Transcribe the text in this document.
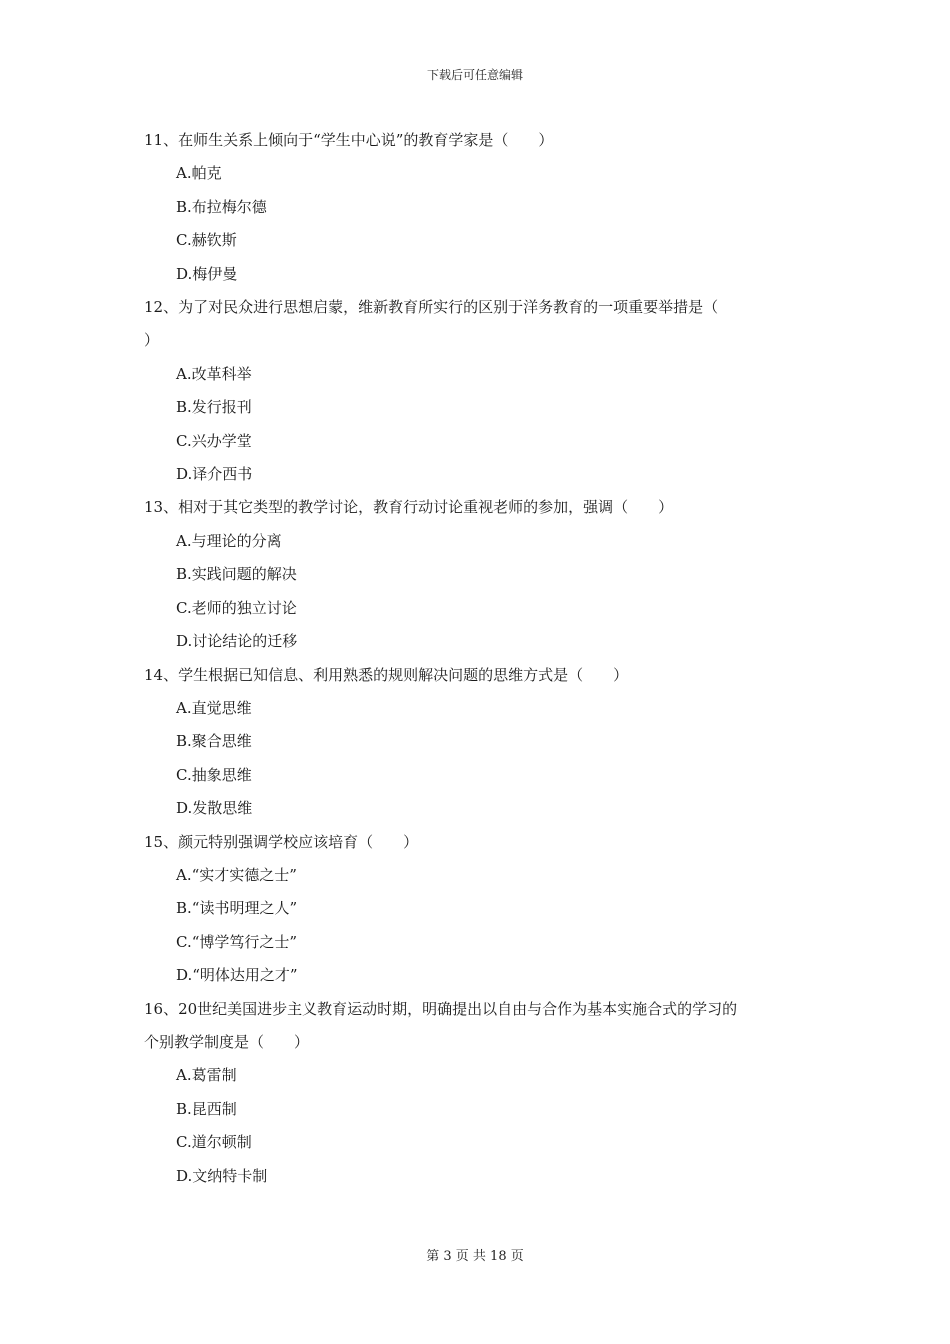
下载后可任意编辑

11、在师生关系上倾向于“学生中心说”的教育学家是（　　）

A.帕克

B.布拉梅尔德

C.赫钦斯

D.梅伊曼

12、为了对民众进行思想启蒙，维新教育所实行的区别于洋务教育的一项重要举措是（

）

A.改革科举

B.发行报刊

C.兴办学堂

D.译介西书

13、相对于其它类型的教学讨论，教育行动讨论重视老师的参加，强调（　　）

A.与理论的分离

B.实践问题的解决

C.老师的独立讨论

D.讨论结论的迁移

14、学生根据已知信息、利用熟悉的规则解决问题的思维方式是（　　）

A.直觉思维

B.聚合思维

C.抽象思维

D.发散思维

15、颜元特别强调学校应该培育（　　）

A.“实才实德之士”

B.“读书明理之人”

C.“博学笃行之士”

D.“明体达用之才”

16、20世纪美国进步主义教育运动时期，明确提出以自由与合作为基本实施合式的学习的

个别教学制度是（　　）

A.葛雷制

B.昆西制

C.道尔顿制

D.文纳特卡制

第 3 页 共 18 页
